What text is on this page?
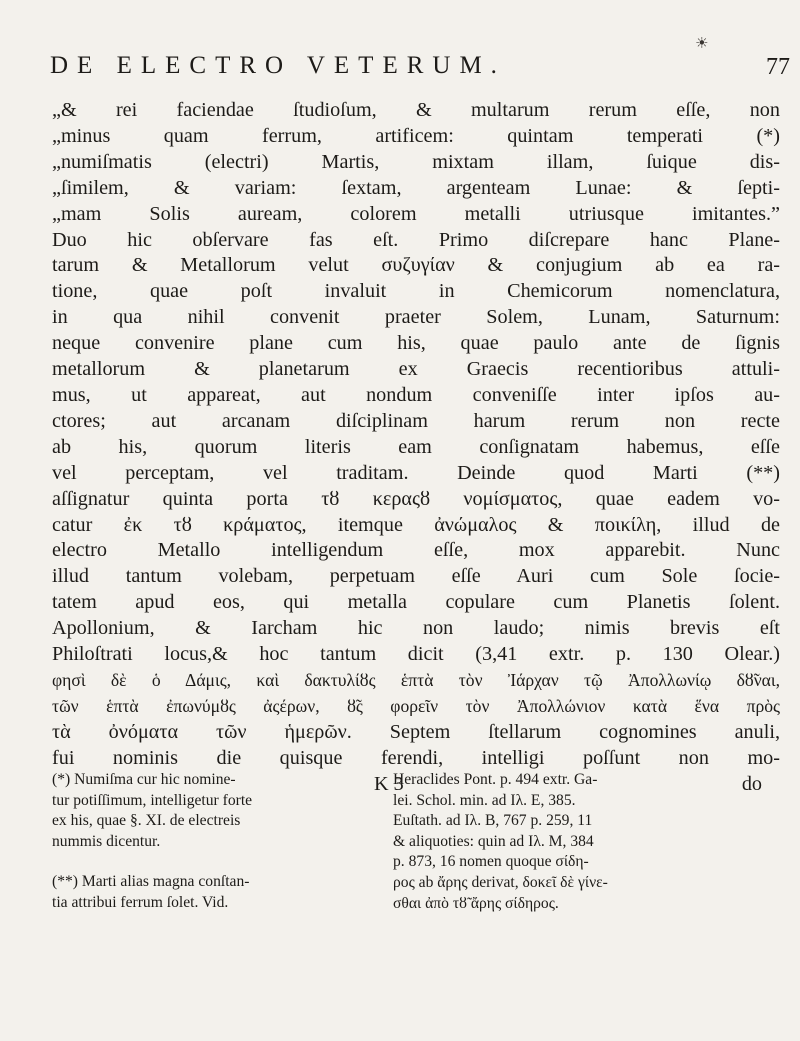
☀
DE ELECTRO VETERUM.	77
„& rei faciendae ſtudioſum, & multarum rerum eſſe, non
„minus quam ferrum, artificem: quintam temperati (*)
„numiſmatis (electri) Martis, mixtam illam, ſuique dis-
„ſimilem, & variam: ſextam, argenteam Lunae: & ſepti-
„mam Solis auream, colorem metalli utriusque imitantes.”
Duo hic obſervare fas eſt. Primo diſcrepare hanc Plane-
tarum & Metallorum velut συζυγίαν & conjugium ab ea ra-
tione, quae poſt invaluit in Chemicorum nomenclatura,
in qua nihil convenit praeter Solem, Lunam, Saturnum:
neque convenire plane cum his, quae paulo ante de ſignis
metallorum & planetarum ex Graecis recentioribus attuli-
mus, ut appareat, aut nondum conveniſſe inter ipſos au-
ctores; aut arcanam diſciplinam harum rerum non recte
ab his, quorum literis eam conſignatam habemus, eſſe
vel perceptam, vel traditam. Deinde quod Marti (**)
aſſignatur quinta porta τȣ κεραςȣ νομίσματος, quae eadem vo-
catur ἐκ τȣ κράματος, itemque ἀνώμαλος & ποικίλη, illud de
electro Metallo intelligendum eſſe, mox apparebit. Nunc
illud tantum volebam, perpetuam eſſe Auri cum Sole ſocie-
tatem apud eos, qui metalla copulare cum Planetis ſolent.
Apollonium, & Iarcham hic non laudo; nimis brevis eſt
Philoſtrati locus,& hoc tantum dicit (3,41 extr. p. 130 Olear.)
φησὶ δὲ ὁ Δάμις, καὶ δακτυλίȣς ἑπτὰ τὸν Ἰάρχαν τῷ Ἀπολλωνίῳ δȣ̃ναι,
τῶν ἑπτὰ ἐπωνύμȣς ἀςέρων, ȣ̃ς φορεῖν τὸν Ἀπολλώνιον κατὰ ἕνα πρὸς
τὰ ὀνόματα τῶν ἡμερῶν. Septem ſtellarum cognomines anuli,
fui nominis die quisque ferendi, intelligi poſſunt non mo-
K 3	do
(*) Numiſma cur hic nomine-
tur potiſſimum, intelligetur forte
ex his, quae §. XI. de electreis
nummis dicentur.
(**) Marti alias magna conſtan-
tia attribui ferrum ſolet. Vid.
Heraclides Pont. p. 494 extr. Ga-
lei. Schol. min. ad Iλ. E, 385.
Euſtath. ad Iλ. B, 767 p. 259, 11
& aliquoties: quin ad Iλ. M, 384
p. 873, 16 nomen quoque σίδη-
ρος ab ἄρης derivat, δοκεῖ δὲ γίνε-
σθαι ἀπὸ τȣ̃ ἄρης σίδηρος.
